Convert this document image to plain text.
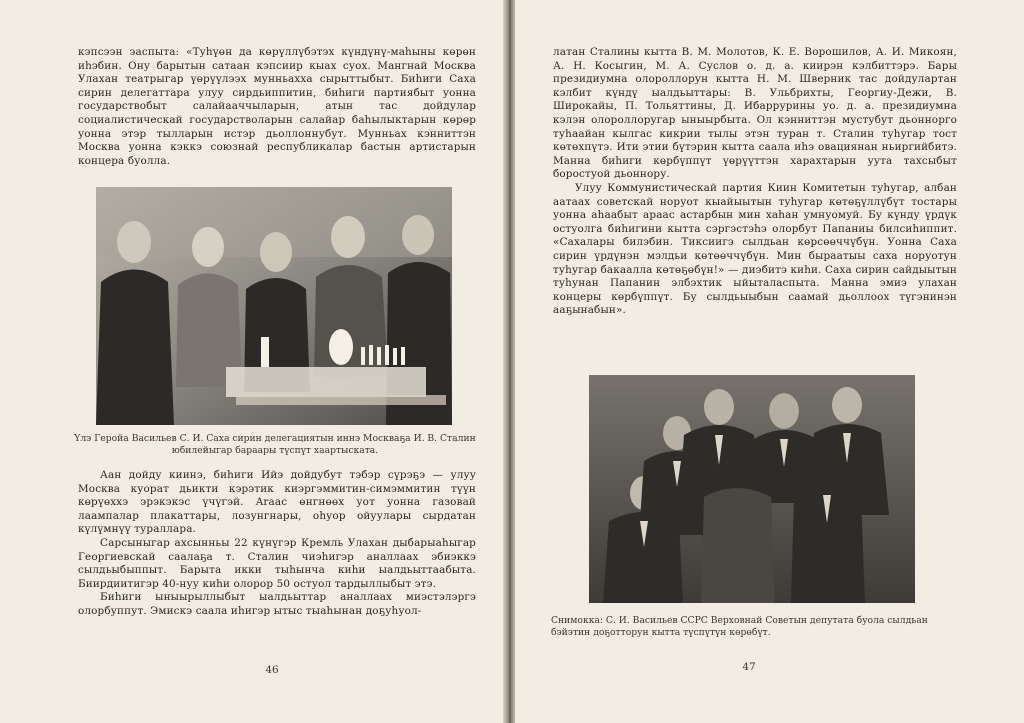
кэпсээн эаспыта: «Туһүөн да көрүллүбэтэх күндүнү-маһыны көрөн иһэбин. Ону барытын сатаан кэпсиир кыах суох. Мангнай Москва Улахан театрыгар үөрүүлээх мунньахха сырыттыбыт. Биһиги Саха сирин делегаттара улуу сирдьиппитин, биһиги партиябыт уонна государствобыт салайааччыларын, атын тас дойдулар социалистическай государстволарын салайар баһылыктарын көрөр уонна этэр тылларын истэр дьоллоннубут. Мунньах кэнниттэн Москва уонна кэккэ союзнай республикалар бастын артистарын концера буолла.

Үлэ Геройа Васильев С. И. Саха сирин делегациятын иннэ Москваҕа И. В. Сталин юбилейыгар бараары түспүт хаартыската.

Аан дойду киинэ, биһиги Ийэ дойдубут тэбэр сүрэҕэ — улуу Москва куорат дьикти кэрэтик киэргэммитин-симэммитин түүн көрүөххэ эрэкэкэс үчүгэй. Araас өнгнөөх уот уонна газовай лаампалар плакаттары, лозунгнары, оһуор ойуулары сырдатан күлүмнүү туралларa.

Сарсыныгар ахсынньы 22 күнүгэр Кремль Улахан дыбарыаһыгар Георгиевскай саалаҕа т. Сталин чиэһигэр аналлаах эбиэккэ сылдьыбыппыт. Барыта икки тыһынча киһи ыалдьыттаабыта. Биирдиитигэр 40-нуу киһи олорор 50 остуол тардыллыбыт этэ.

Биһиги ыныырыллыбыт ыалдьыттар аналлаах миэстэлэргэ олорбуппут. Эмискэ саала иһигэр ытыс тыаһынан доҕуһуол-

46

латан Сталины кытта В. М. Молотов, К. Е. Ворошилов, А. И. Микоян, А. Н. Косыгин, М. А. Суслов о. д. а. киирэн кэлбиттэрэ. Бары президиумна олороллорун кытта Н. М. Шверник тас дойдулартан кэлбит күндү ыалдьыттары: В. Ульбрихты, Георгиу-Дежи, В. Широкайы, П. Тольяттины, Д. Ибаррурины уо. д. а. президиумна кэлэн олороллоругар ыныырбыта. Ол кэнниттэн мустубут дьонноргo туһаайан кылгас кикрии тылы этэн туран т. Сталин туһугар тост көтөхпүтэ. Ити этии бүтэрин кытта саала иһэ овациянан ньиргийбитэ. Манна биһиги көрбүппүт үөрүүттэн харахтарын уута тахсыбыт боростуой дьоннору.

Улуу Коммунистическай партия Киин Комитетын туһугар, албан аатаах советскай норуот кыайыытын туһугар көтөҕүллүбүт тостары уонна аһаабыт араас астарбын мин хаһан умнуомуй. Бу күнду үрдүк остуолга биһигини кытта сэргэстэһэ олорбут Папаниы билсиһиппит. «Сахалары билэбин. Тиксиигэ сылдьан көрсөөччүбүн. Уонна Саха сирин үрдүнэн мэлдьи көтөөччүбүн. Мин быраатыы саха норуотун туһугар бакаалла көтөҕөбүн!» — диэбитэ киһи. Саха сирин сайдыытын туһунан Папанин элбэхтик ыйыталаспыта. Манна эмиэ улахан концеры көрбүппүт. Бу сылдьыыбын саамай дьоллоох түгэнинэн ааҕынабын».

Снимокка: С. И. Васильев ССРС Верховнай Советын депутата буола сылдьан бэйэтин доҕотторун кытта түспүтүн көрөбүт.
47
